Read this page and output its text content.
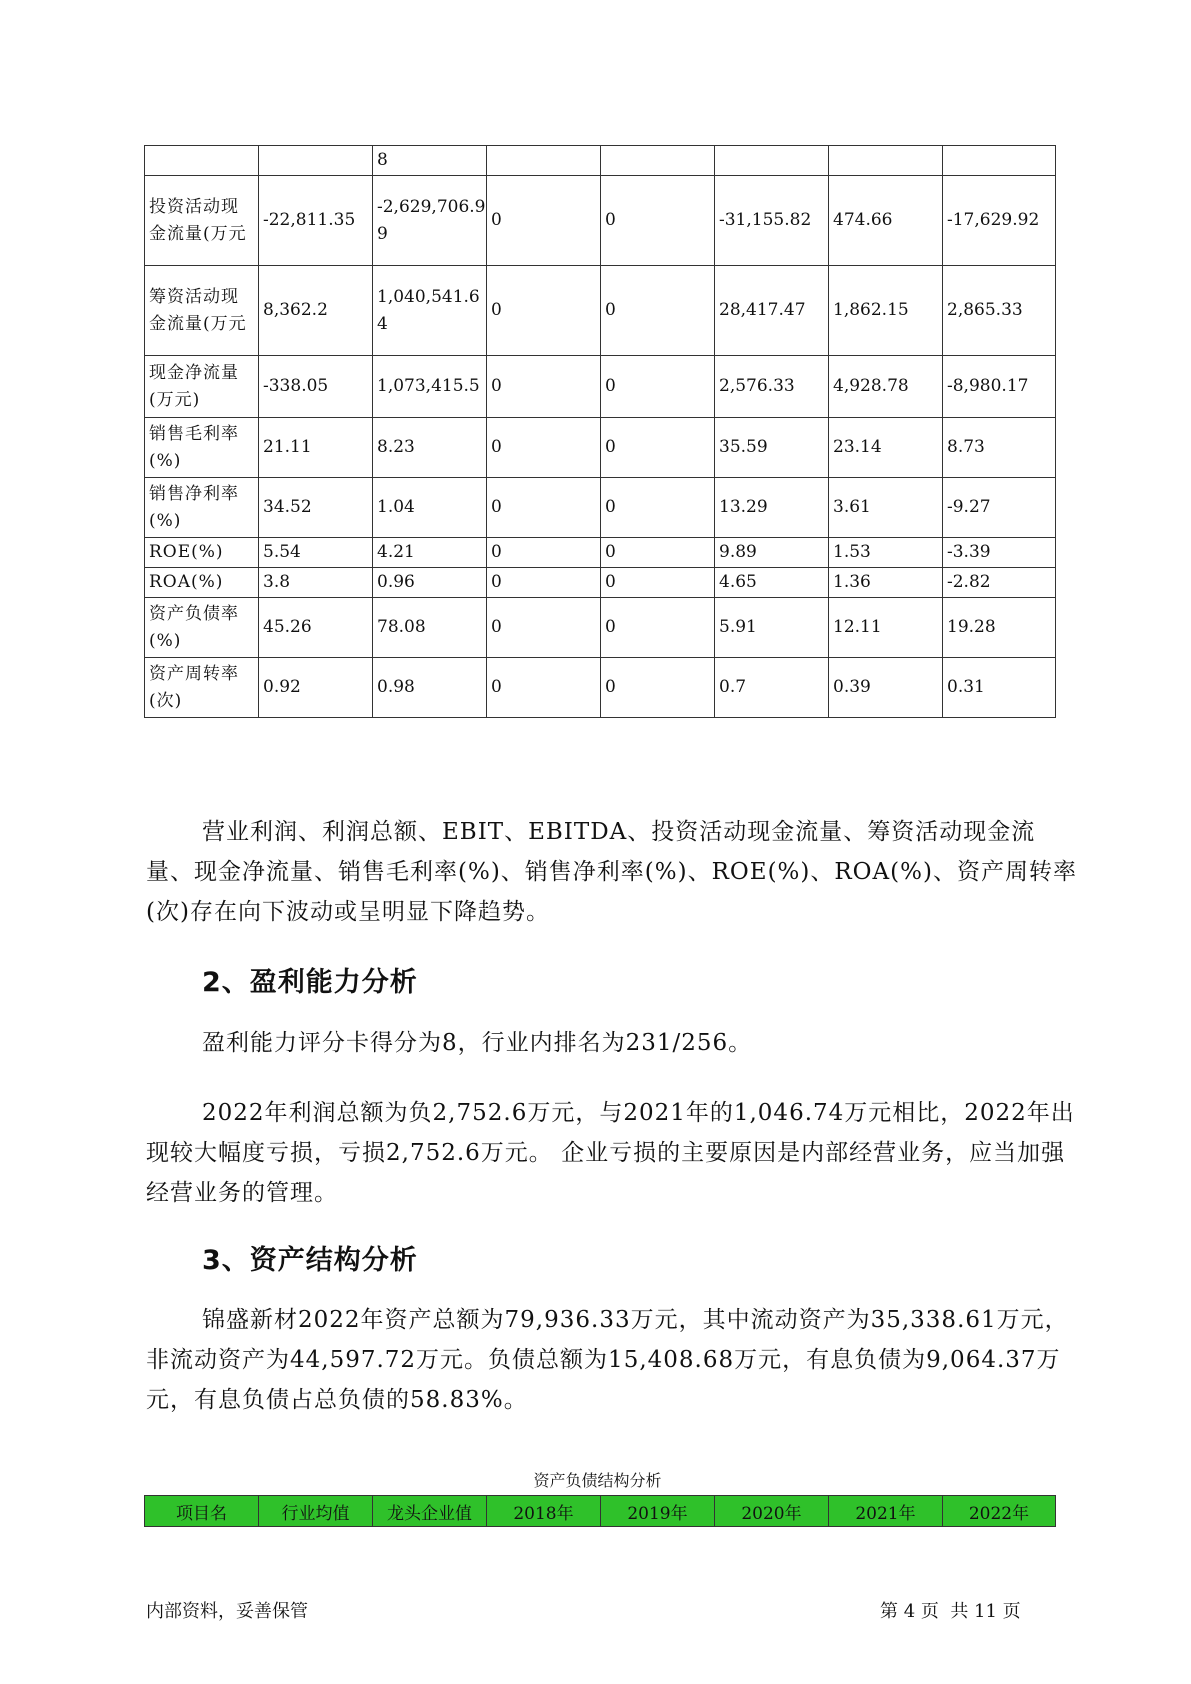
		8					
投资活动现金流量(万元	-22,811.35	-2,629,706.99	0	0	-31,155.82	474.66	-17,629.92
筹资活动现金流量(万元	8,362.2	1,040,541.64	0	0	28,417.47	1,862.15	2,865.33
现金净流量(万元)	-338.05	1,073,415.5	0	0	2,576.33	4,928.78	-8,980.17
销售毛利率(%)	21.11	8.23	0	0	35.59	23.14	8.73
销售净利率(%)	34.52	1.04	0	0	13.29	3.61	-9.27
ROE(%)	5.54	4.21	0	0	9.89	1.53	-3.39
ROA(%)	3.8	0.96	0	0	4.65	1.36	-2.82
资产负债率(%)	45.26	78.08	0	0	5.91	12.11	19.28
资产周转率(次)	0.92	0.98	0	0	0.7	0.39	0.31
营业利润、利润总额、EBIT、EBITDA、投资活动现金流量、筹资活动现金流量、现金净流量、销售毛利率(%)、销售净利率(%)、ROE(%)、ROA(%)、资产周转率(次)存在向下波动或呈明显下降趋势。
2、盈利能力分析
盈利能力评分卡得分为8，行业内排名为231/256。
2022年利润总额为负2,752.6万元，与2021年的1,046.74万元相比，2022年出现较大幅度亏损，亏损2,752.6万元。 企业亏损的主要原因是内部经营业务，应当加强经营业务的管理。
3、资产结构分析
锦盛新材2022年资产总额为79,936.33万元，其中流动资产为35,338.61万元，非流动资产为44,597.72万元。负债总额为15,408.68万元，有息负债为9,064.37万元，有息负债占总负债的58.83%。
资产负债结构分析
项目名	行业均值	龙头企业值	2018年	2019年	2020年	2021年	2022年
内部资料，妥善保管	第 4 页  共 11 页
